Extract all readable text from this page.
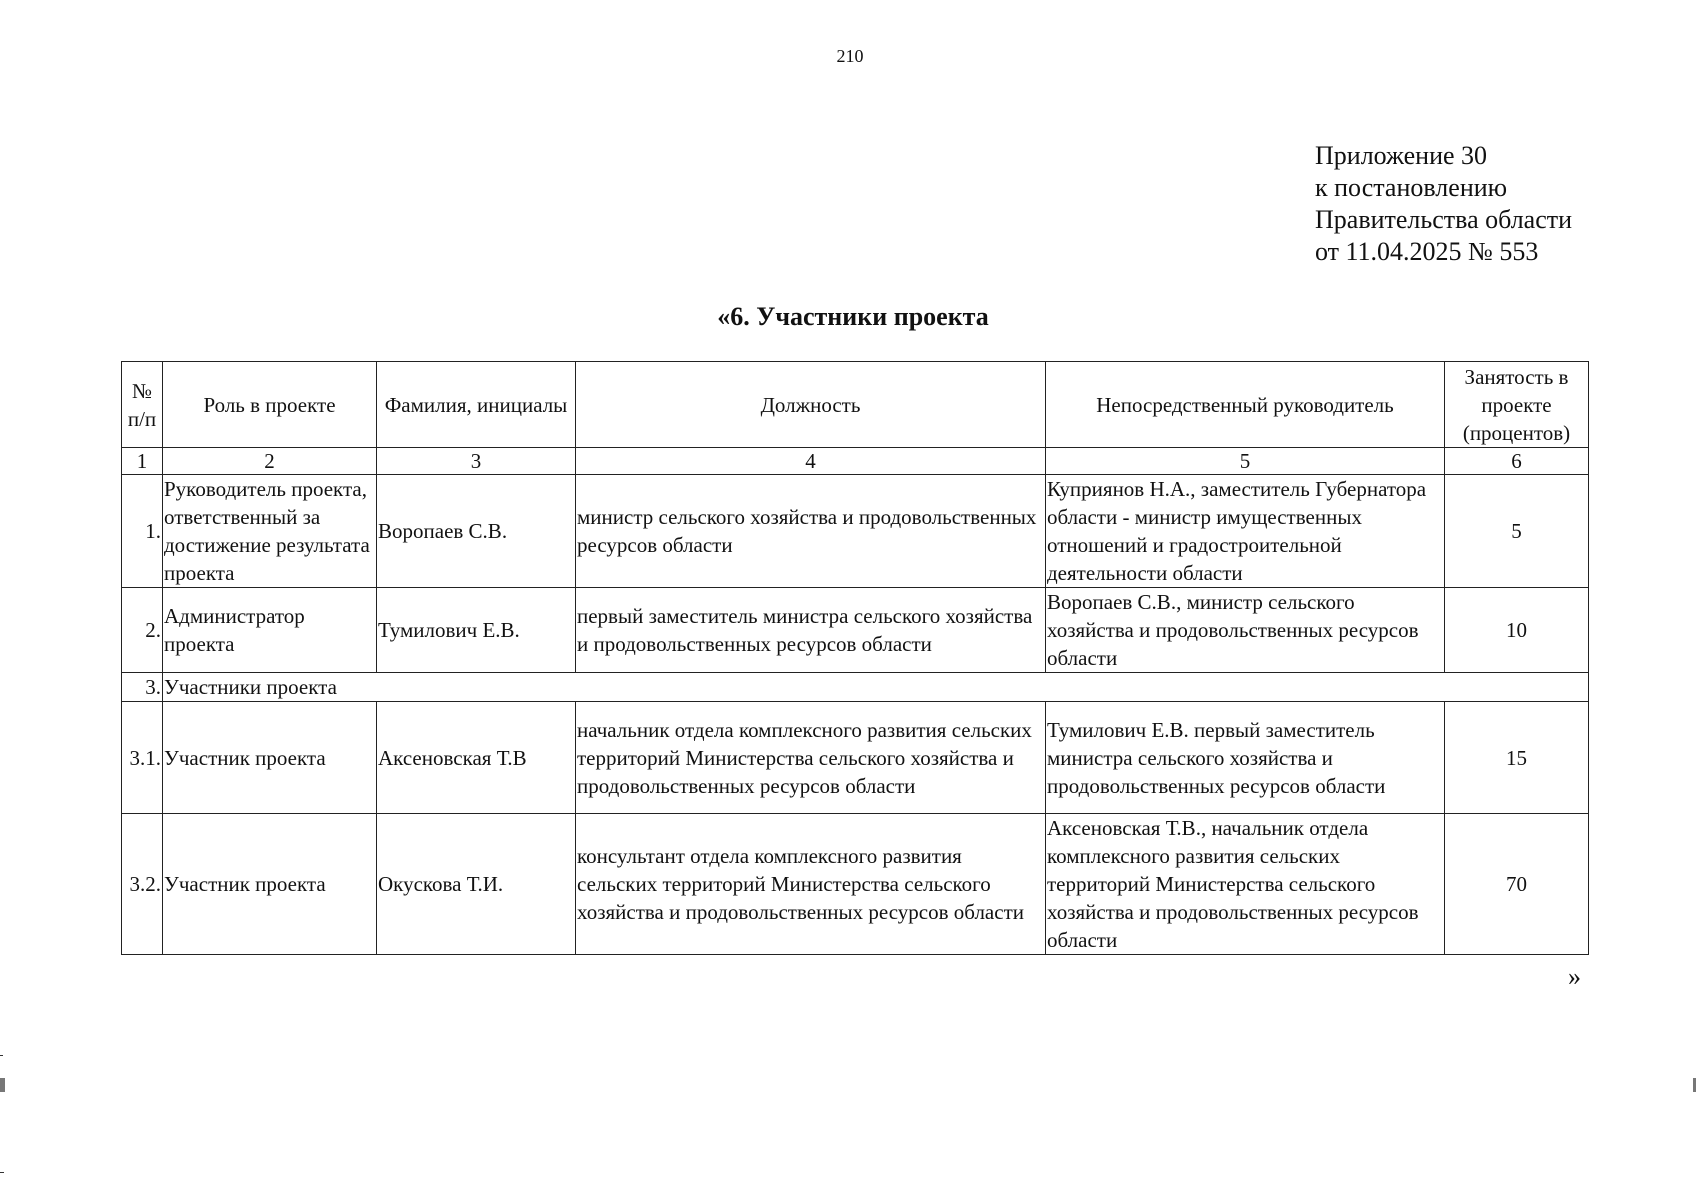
210
Приложение 30
к постановлению
Правительства области
от 11.04.2025 № 553
«6. Участники проекта
№ п/п	Роль в проекте	Фамилия, инициалы	Должность	Непосредственный руководитель	Занятость в проекте (процентов)
1	2	3	4	5	6
1.	Руководитель проекта, ответственный за достижение результата проекта	Воропаев С.В.	министр сельского хозяйства и продовольственных ресурсов области	Куприянов Н.А., заместитель Губернатора области - министр имущественных отношений и градостроительной деятельности области	5
2.	Администратор проекта	Тумилович Е.В.	первый заместитель министра сельского хозяйства и продовольственных ресурсов области	Воропаев С.В., министр сельского хозяйства и продовольственных ресурсов области	10
3.	Участники проекта				
3.1.	Участник проекта	Аксеновская Т.В	начальник отдела комплексного развития сельских территорий Министерства сельского хозяйства и продовольственных ресурсов области	Тумилович Е.В. первый заместитель министра сельского хозяйства и продовольственных ресурсов области	15
3.2.	Участник проекта	Окускова Т.И.	консультант отдела комплексного развития сельских территорий Министерства сельского хозяйства и продовольственных ресурсов области	Аксеновская Т.В., начальник отдела комплексного развития сельских территорий Министерства сельского хозяйства и продовольственных ресурсов области	70
»
